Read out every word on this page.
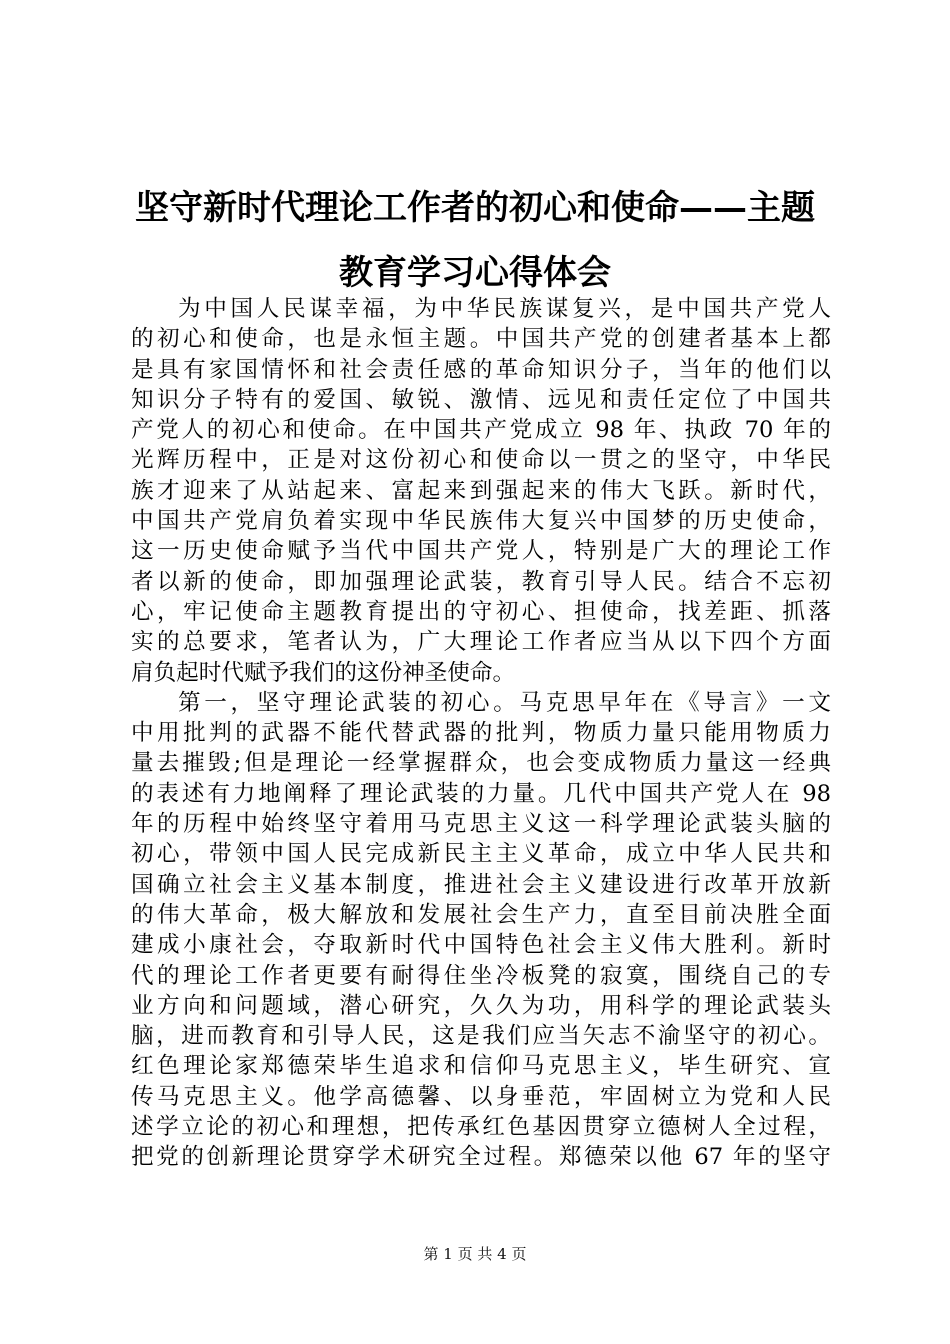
坚守新时代理论工作者的初心和使命——主题
教育学习心得体会
为中国人民谋幸福，为中华民族谋复兴，是中国共产党人
的初心和使命，也是永恒主题。中国共产党的创建者基本上都
是具有家国情怀和社会责任感的革命知识分子，当年的他们以
知识分子特有的爱国、敏锐、激情、远见和责任定位了中国共
产党人的初心和使命。在中国共产党成立 98 年、执政 70 年的
光辉历程中，正是对这份初心和使命以一贯之的坚守，中华民
族才迎来了从站起来、富起来到强起来的伟大飞跃。新时代，
中国共产党肩负着实现中华民族伟大复兴中国梦的历史使命，
这一历史使命赋予当代中国共产党人，特别是广大的理论工作
者以新的使命，即加强理论武装，教育引导人民。结合不忘初
心，牢记使命主题教育提出的守初心、担使命，找差距、抓落
实的总要求，笔者认为，广大理论工作者应当从以下四个方面
肩负起时代赋予我们的这份神圣使命。
第一，坚守理论武装的初心。马克思早年在《导言》一文
中用批判的武器不能代替武器的批判，物质力量只能用物质力
量去摧毁;但是理论一经掌握群众，也会变成物质力量这一经典
的表述有力地阐释了理论武装的力量。几代中国共产党人在 98
年的历程中始终坚守着用马克思主义这一科学理论武装头脑的
初心，带领中国人民完成新民主主义革命，成立中华人民共和
国确立社会主义基本制度，推进社会主义建设进行改革开放新
的伟大革命，极大解放和发展社会生产力，直至目前决胜全面
建成小康社会，夺取新时代中国特色社会主义伟大胜利。新时
代的理论工作者更要有耐得住坐冷板凳的寂寞，围绕自己的专
业方向和问题域，潜心研究，久久为功，用科学的理论武装头
脑，进而教育和引导人民，这是我们应当矢志不渝坚守的初心。
红色理论家郑德荣毕生追求和信仰马克思主义，毕生研究、宣
传马克思主义。他学高德馨、以身垂范，牢固树立为党和人民
述学立论的初心和理想，把传承红色基因贯穿立德树人全过程，
把党的创新理论贯穿学术研究全过程。郑德荣以他 67 年的坚守
第 1 页 共 4 页
